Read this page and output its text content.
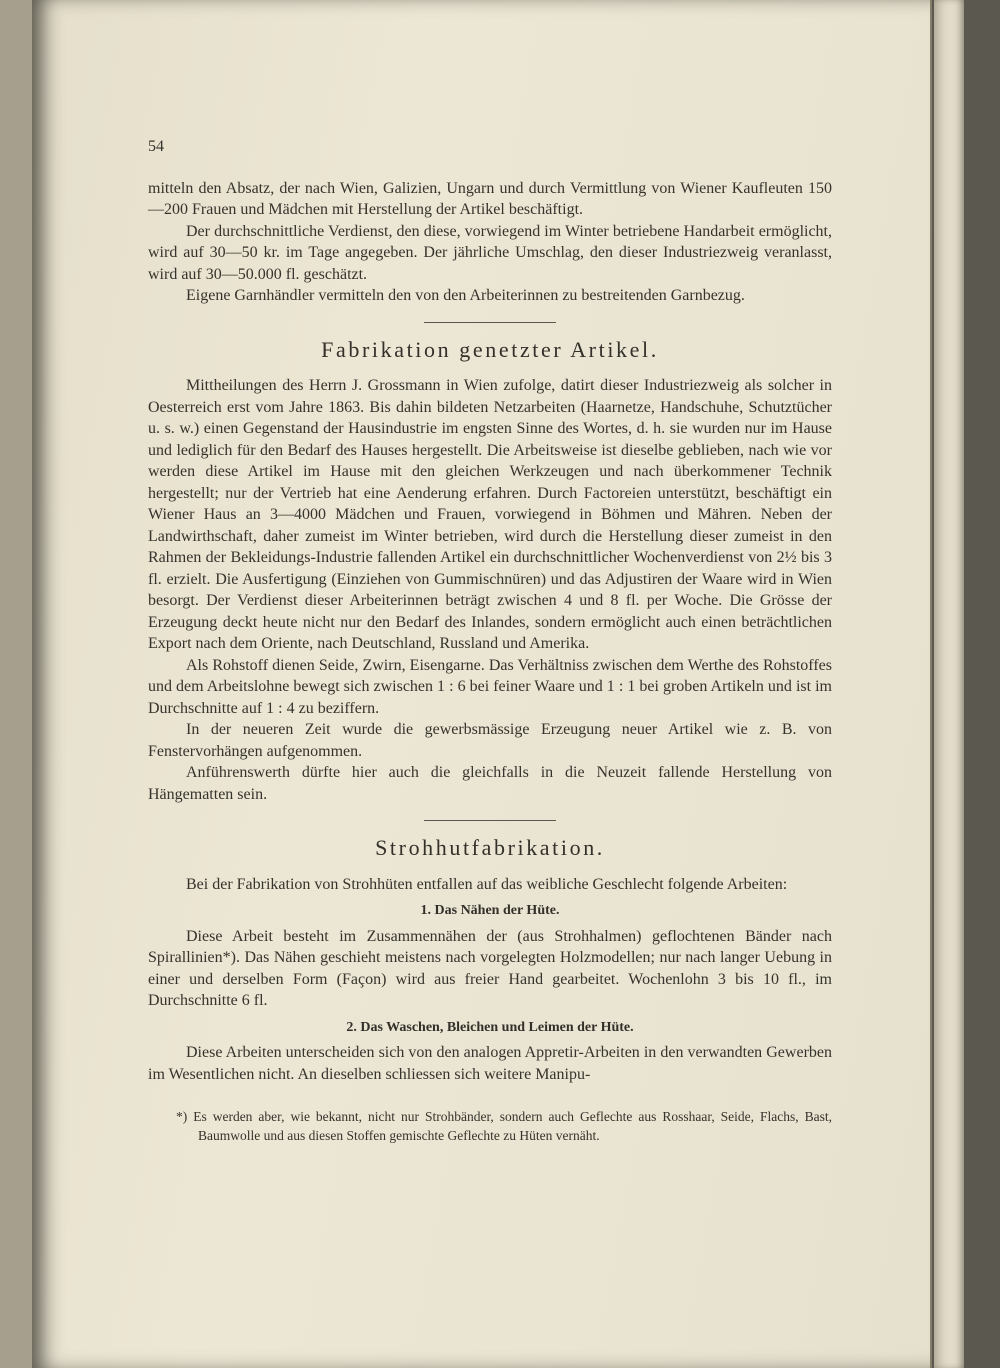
54

mitteln den Absatz, der nach Wien, Galizien, Ungarn und durch Vermittlung von Wiener Kaufleuten 150—200 Frauen und Mädchen mit Herstellung der Artikel beschäftigt.

Der durchschnittliche Verdienst, den diese, vorwiegend im Winter betriebene Handarbeit ermöglicht, wird auf 30—50 kr. im Tage angegeben. Der jährliche Umschlag, den dieser Industriezweig veranlasst, wird auf 30—50.000 fl. geschätzt.

Eigene Garnhändler vermitteln den von den Arbeiterinnen zu bestreitenden Garnbezug.

Fabrikation genetzter Artikel.

Mittheilungen des Herrn J. Grossmann in Wien zufolge, datirt dieser Industriezweig als solcher in Oesterreich erst vom Jahre 1863. Bis dahin bildeten Netzarbeiten (Haarnetze, Handschuhe, Schutztücher u. s. w.) einen Gegenstand der Hausindustrie im engsten Sinne des Wortes, d. h. sie wurden nur im Hause und lediglich für den Bedarf des Hauses hergestellt. Die Arbeitsweise ist dieselbe geblieben, nach wie vor werden diese Artikel im Hause mit den gleichen Werkzeugen und nach überkommener Technik hergestellt; nur der Vertrieb hat eine Aenderung erfahren. Durch Factoreien unterstützt, beschäftigt ein Wiener Haus an 3—4000 Mädchen und Frauen, vorwiegend in Böhmen und Mähren. Neben der Landwirthschaft, daher zumeist im Winter betrieben, wird durch die Herstellung dieser zumeist in den Rahmen der Bekleidungs-Industrie fallenden Artikel ein durchschnittlicher Wochenverdienst von 2½ bis 3 fl. erzielt. Die Ausfertigung (Einziehen von Gummischnüren) und das Adjustiren der Waare wird in Wien besorgt. Der Verdienst dieser Arbeiterinnen beträgt zwischen 4 und 8 fl. per Woche. Die Grösse der Erzeugung deckt heute nicht nur den Bedarf des Inlandes, sondern ermöglicht auch einen beträchtlichen Export nach dem Oriente, nach Deutschland, Russland und Amerika.

Als Rohstoff dienen Seide, Zwirn, Eisengarne. Das Verhältniss zwischen dem Werthe des Rohstoffes und dem Arbeitslohne bewegt sich zwischen 1 : 6 bei feiner Waare und 1 : 1 bei groben Artikeln und ist im Durchschnitte auf 1 : 4 zu beziffern.

In der neueren Zeit wurde die gewerbsmässige Erzeugung neuer Artikel wie z. B. von Fenstervorhängen aufgenommen.

Anführenswerth dürfte hier auch die gleichfalls in die Neuzeit fallende Herstellung von Hängematten sein.

Strohhutfabrikation.

Bei der Fabrikation von Strohhüten entfallen auf das weibliche Geschlecht folgende Arbeiten:

1. Das Nähen der Hüte.

Diese Arbeit besteht im Zusammennähen der (aus Strohhalmen) geflochtenen Bänder nach Spirallinien*). Das Nähen geschieht meistens nach vorgelegten Holzmodellen; nur nach langer Uebung in einer und derselben Form (Façon) wird aus freier Hand gearbeitet. Wochenlohn 3 bis 10 fl., im Durchschnitte 6 fl.

2. Das Waschen, Bleichen und Leimen der Hüte.

Diese Arbeiten unterscheiden sich von den analogen Appretir-Arbeiten in den verwandten Gewerben im Wesentlichen nicht. An dieselben schliessen sich weitere Manipu-

*) Es werden aber, wie bekannt, nicht nur Strohbänder, sondern auch Geflechte aus Rosshaar, Seide, Flachs, Bast, Baumwolle und aus diesen Stoffen gemischte Geflechte zu Hüten vernäht.
